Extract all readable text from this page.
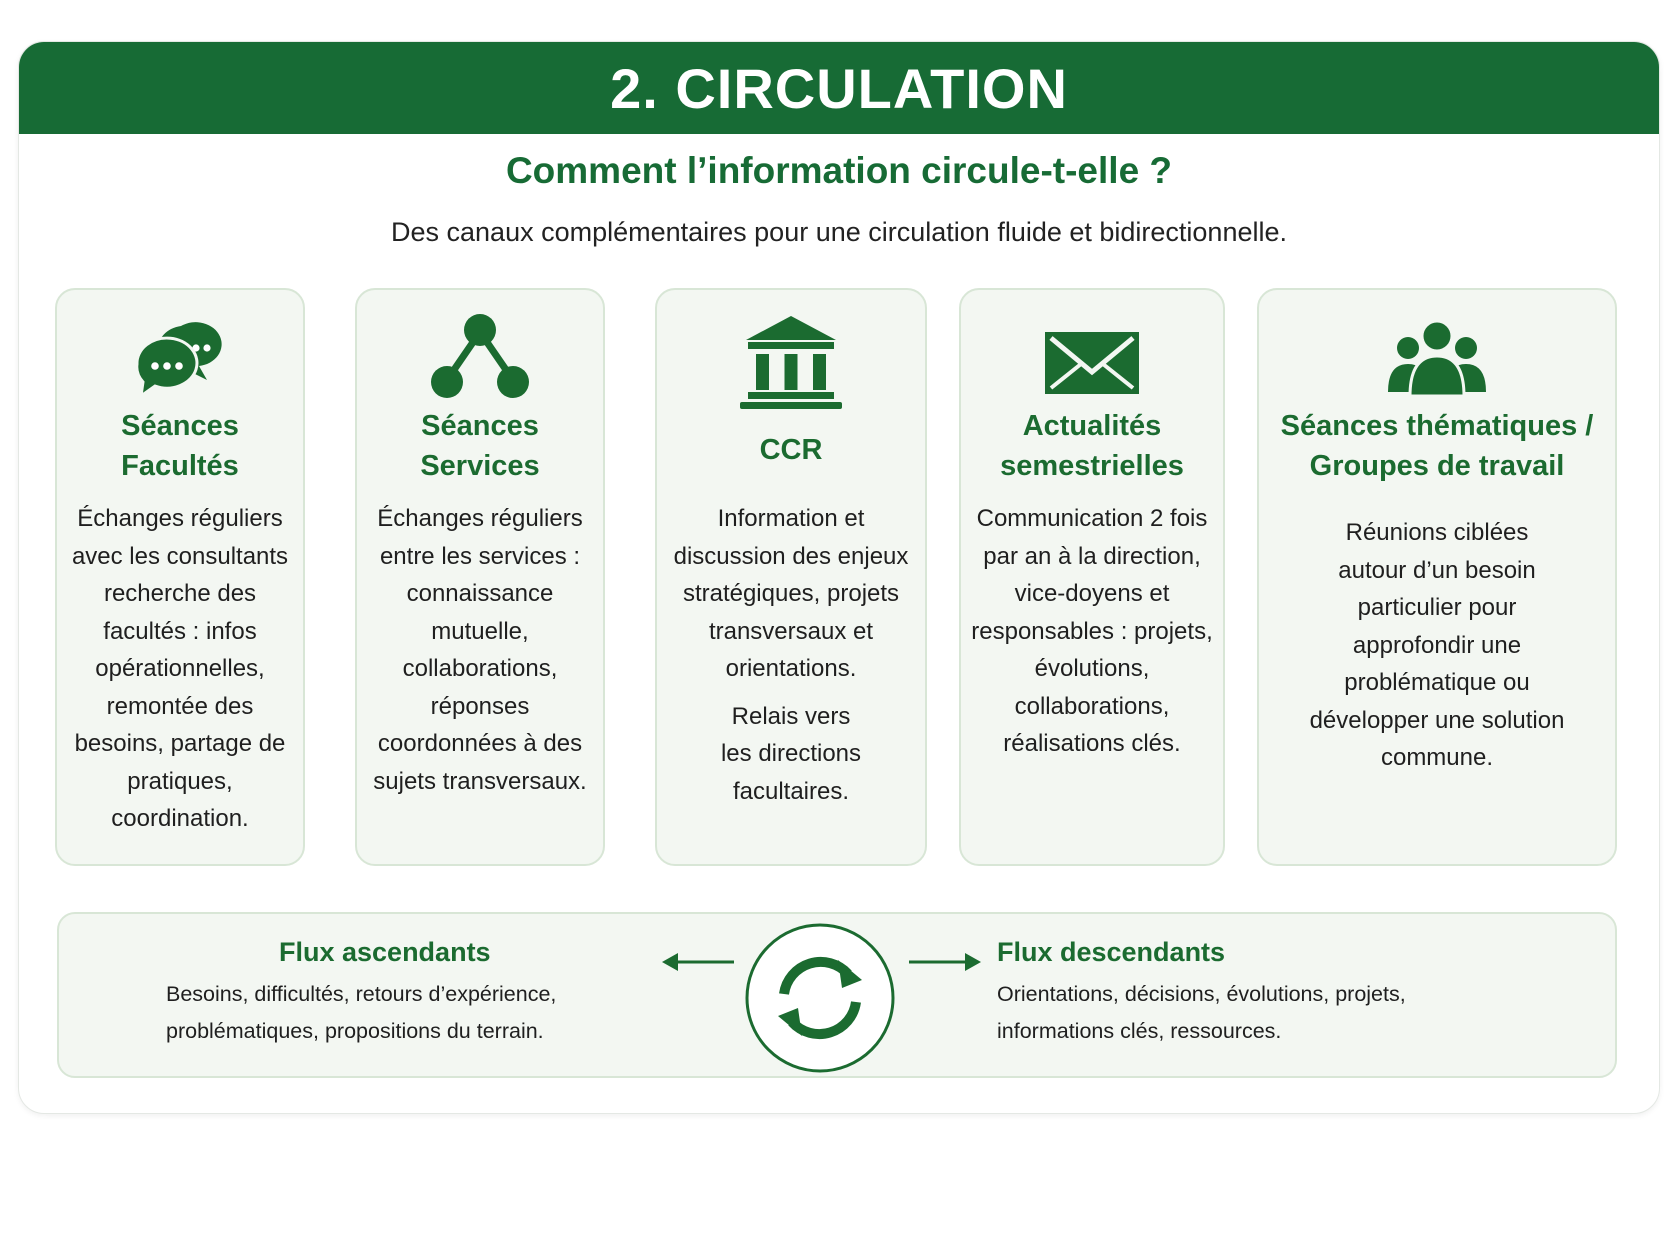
2. CIRCULATION
Comment l’information circule-t-elle ?
Des canaux complémentaires pour une circulation fluide et bidirectionnelle.
Séances
Facultés

Échanges réguliers avec les consultants recherche des facultés : infos opérationnelles, remontée des besoins, partage de pratiques, coordination.

Séances
Services

Échanges réguliers entre les services : connaissance mutuelle, collaborations, réponses coordonnées à des sujets transversaux.

CCR

Information et discussion des enjeux stratégiques, projets transversaux et orientations.

Relais vers les directions facultaires.

Actualités
semestrielles

Communication 2 fois par an à la direction, vice-doyens et responsables : projets, évolutions, collaborations, réalisations clés.

Séances thématiques /
Groupes de travail

Réunions ciblées autour d’un besoin particulier pour approfondir une problématique ou développer une solution commune.

Flux ascendants
Besoins, difficultés, retours d’expérience,
problématiques, propositions du terrain.
Flux descendants
Orientations, décisions, évolutions, projets,
informations clés, ressources.
